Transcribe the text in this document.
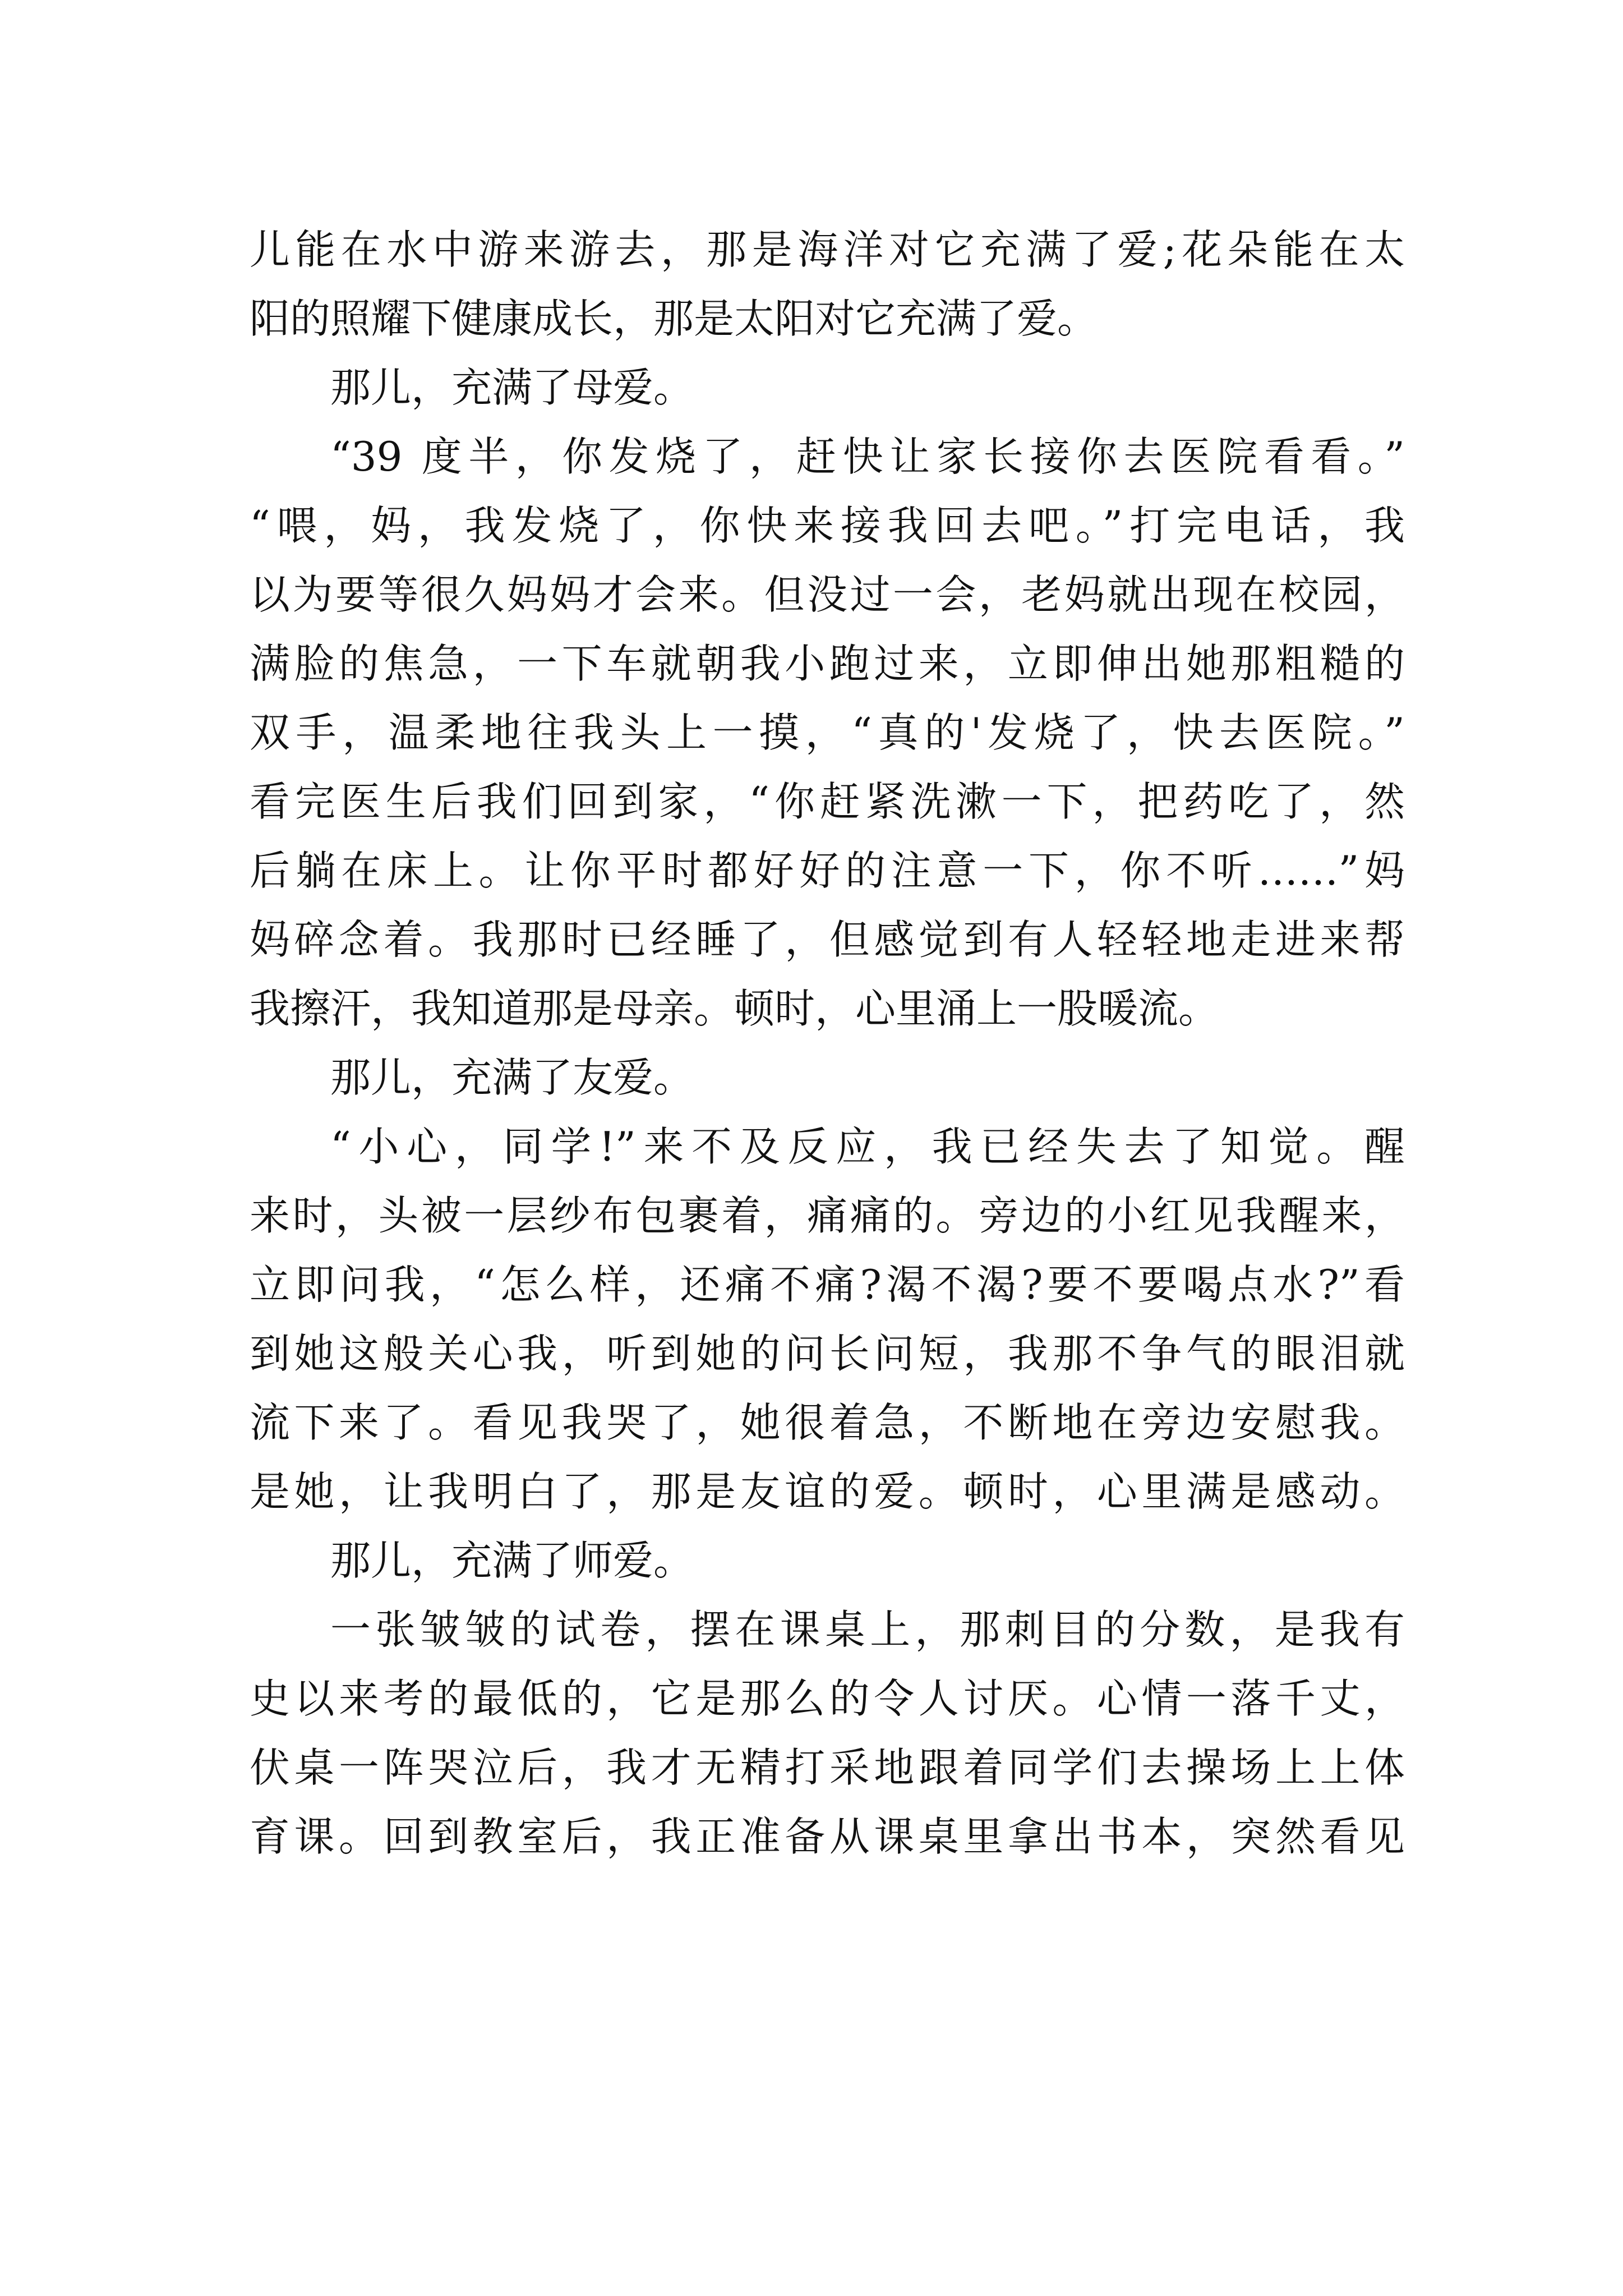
儿能在水中游来游去，那是海洋对它充满了爱;花朵能在太
阳的照耀下健康成长，那是太阳对它充满了爱。
那儿，充满了母爱。
“39 度半，你发烧了，赶快让家长接你去医院看看。”
“喂，妈，我发烧了，你快来接我回去吧。”打完电话，我
以为要等很久妈妈才会来。但没过一会，老妈就出现在校园，
满脸的焦急，一下车就朝我小跑过来，立即伸出她那粗糙的
双手，温柔地往我头上一摸，“真的'发烧了，快去医院。”
看完医生后我们回到家，“你赶紧洗漱一下，把药吃了，然
后躺在床上。让你平时都好好的注意一下，你不听……”妈
妈碎念着。我那时已经睡了，但感觉到有人轻轻地走进来帮
我擦汗，我知道那是母亲。顿时，心里涌上一股暖流。
那儿，充满了友爱。
“小心，同学!”来不及反应，我已经失去了知觉。醒
来时，头被一层纱布包裹着，痛痛的。旁边的小红见我醒来，
立即问我，“怎么样，还痛不痛?渴不渴?要不要喝点水?”看
到她这般关心我，听到她的问长问短，我那不争气的眼泪就
流下来了。看见我哭了，她很着急，不断地在旁边安慰我。
是她，让我明白了，那是友谊的爱。顿时，心里满是感动。
那儿，充满了师爱。
一张皱皱的试卷，摆在课桌上，那刺目的分数，是我有
史以来考的最低的，它是那么的令人讨厌。心情一落千丈，
伏桌一阵哭泣后，我才无精打采地跟着同学们去操场上上体
育课。回到教室后，我正准备从课桌里拿出书本，突然看见
